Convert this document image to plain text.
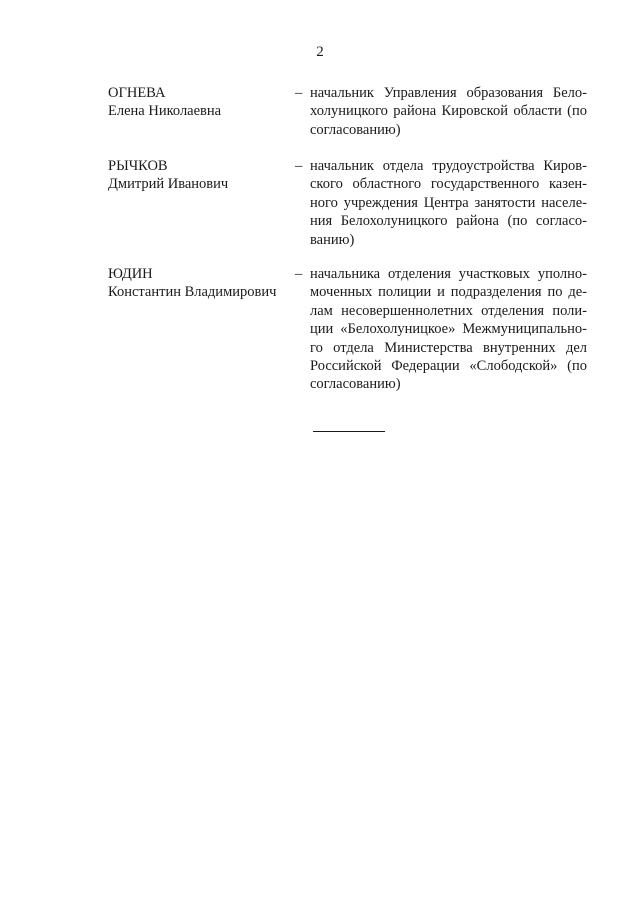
2
ОГНЕВА
Елена Николаевна
– начальник Управления образования Белохолуницкого района Кировской области (по согласованию)
РЫЧКОВ
Дмитрий Иванович
– начальник отдела трудоустройства Кировского областного государственного казенного учреждения Центра занятости населения Белохолуницкого района (по согласованию)
ЮДИН
Константин Владимирович
– начальника отделения участковых уполномоченных полиции и подразделения по делам несовершеннолетних отделения полиции «Белохолуницкое» Межмуниципального отдела Министерства внутренних дел Российской Федерации «Слободской» (по согласованию)
